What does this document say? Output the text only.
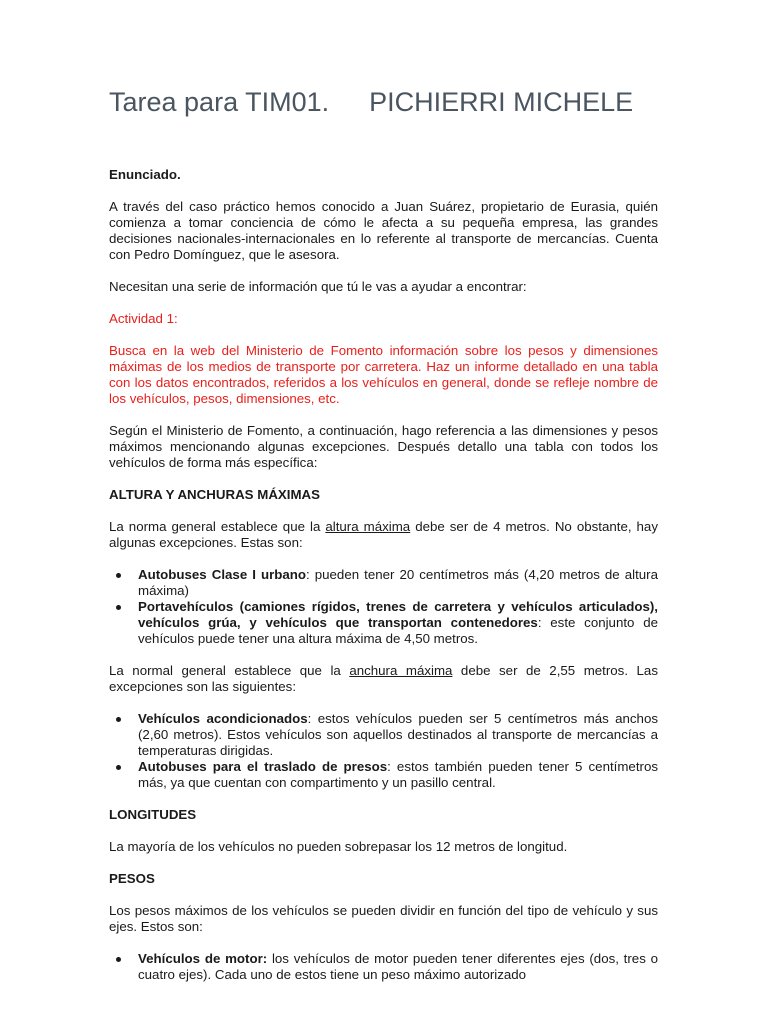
Tarea para TIM01. PICHIERRI MICHELE

Enunciado.

A través del caso práctico hemos conocido a Juan Suárez, propietario de Eurasia, quién comienza a tomar conciencia de cómo le afecta a su pequeña empresa, las grandes decisiones nacionales-internacionales en lo referente al transporte de mercancías. Cuenta con Pedro Domínguez, que le asesora.

Necesitan una serie de información que tú le vas a ayudar a encontrar:

Actividad 1:

Busca en la web del Ministerio de Fomento información sobre los pesos y dimensiones máximas de los medios de transporte por carretera. Haz un informe detallado en una tabla con los datos encontrados, referidos a los vehículos en general, donde se refleje nombre de los vehículos, pesos, dimensiones, etc.

Según el Ministerio de Fomento, a continuación, hago referencia a las dimensiones y pesos máximos mencionando algunas excepciones. Después detallo una tabla con todos los vehículos de forma más específica:

ALTURA Y ANCHURAS MÁXIMAS

La norma general establece que la altura máxima debe ser de 4 metros. No obstante, hay algunas excepciones. Estas son:

Autobuses Clase I urbano: pueden tener 20 centímetros más (4,20 metros de altura máxima)
Portavehículos (camiones rígidos, trenes de carretera y vehículos articulados), vehículos grúa, y vehículos que transportan contenedores: este conjunto de vehículos puede tener una altura máxima de 4,50 metros.

La normal general establece que la anchura máxima debe ser de 2,55 metros. Las excepciones son las siguientes:

Vehículos acondicionados: estos vehículos pueden ser 5 centímetros más anchos (2,60 metros). Estos vehículos son aquellos destinados al transporte de mercancías a temperaturas dirigidas.
Autobuses para el traslado de presos: estos también pueden tener 5 centímetros más, ya que cuentan con compartimento y un pasillo central.

LONGITUDES

La mayoría de los vehículos no pueden sobrepasar los 12 metros de longitud.

PESOS

Los pesos máximos de los vehículos se pueden dividir en función del tipo de vehículo y sus ejes. Estos son:

Vehículos de motor: los vehículos de motor pueden tener diferentes ejes (dos, tres o cuatro ejes). Cada uno de estos tiene un peso máximo autorizado
